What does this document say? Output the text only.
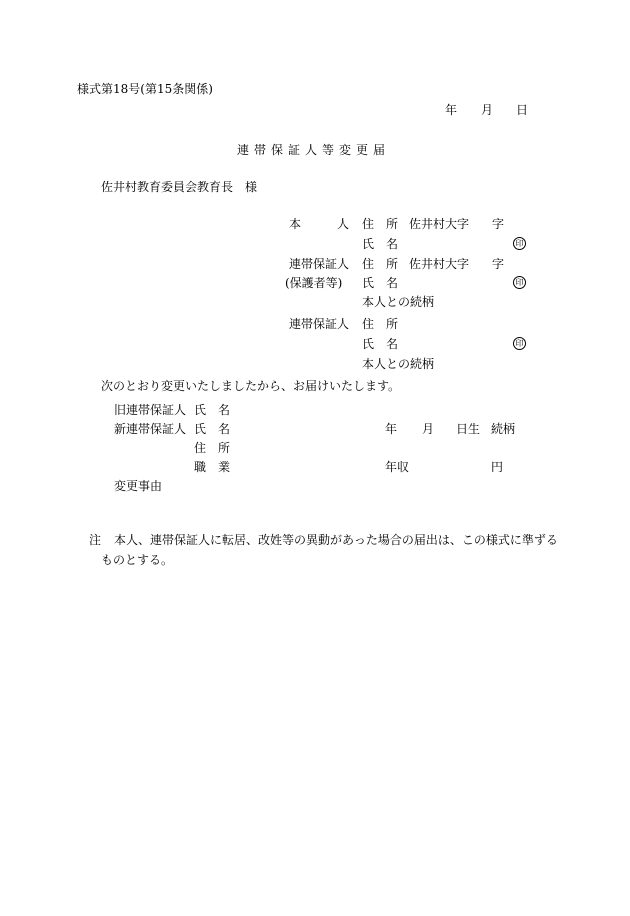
様式第18号(第15条関係)
年 月 日
連帯保証人等変更届
佐井村教育委員会教育長　様
本　　　人 住　所 佐井村大字 字
氏　名	印
連帯保証人 住　所 佐井村大字 字
(保護者等) 氏　名	印
本人との続柄
連帯保証人 住　所
氏　名	印
本人との続柄
次のとおり変更いたしましたから、お届けいたします。
旧連帯保証人 氏　名
新連帯保証人 氏　名	年 月 日生 続柄
住　所
職　業	年収	円
変更事由
注 本人、連帯保証人に転居、改姓等の異動があった場合の届出は、この様式に準ずる
ものとする。
